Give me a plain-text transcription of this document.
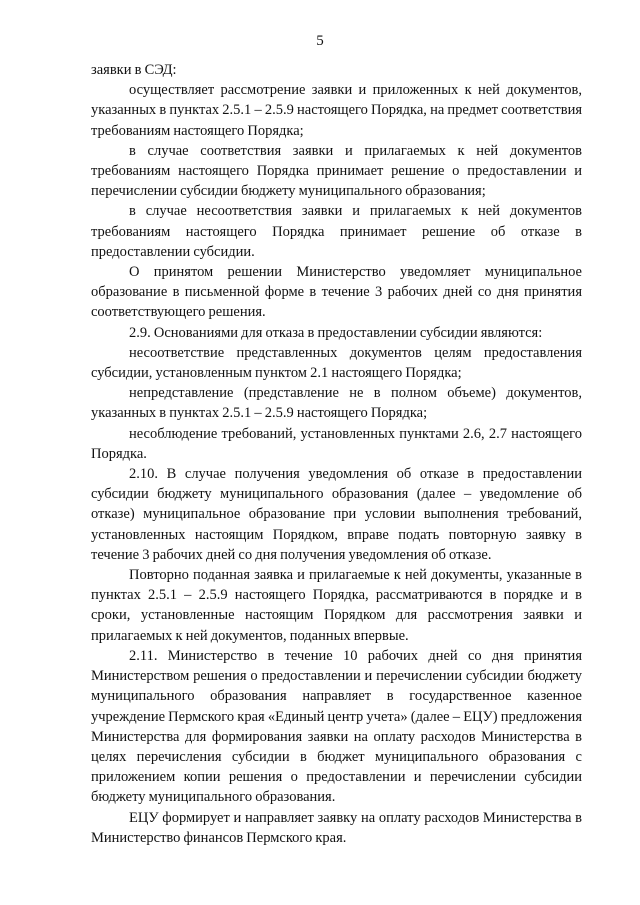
5

заявки в СЭД:

осуществляет рассмотрение заявки и приложенных к ней документов, указанных в пунктах 2.5.1 – 2.5.9 настоящего Порядка, на предмет соответствия требованиям настоящего Порядка;

в случае соответствия заявки и прилагаемых к ней документов требованиям настоящего Порядка принимает решение о предоставлении и перечислении субсидии бюджету муниципального образования;

в случае несоответствия заявки и прилагаемых к ней документов требованиям настоящего Порядка принимает решение об отказе в предоставлении субсидии.

О принятом решении Министерство уведомляет муниципальное образование в письменной форме в течение 3 рабочих дней со дня принятия соответствующего решения.

2.9. Основаниями для отказа в предоставлении субсидии являются:

несоответствие представленных документов целям предоставления субсидии, установленным пунктом 2.1 настоящего Порядка;

непредставление (представление не в полном объеме) документов, указанных в пунктах 2.5.1 – 2.5.9 настоящего Порядка;

несоблюдение требований, установленных пунктами 2.6, 2.7 настоящего Порядка.

2.10. В случае получения уведомления об отказе в предоставлении субсидии бюджету муниципального образования (далее – уведомление об отказе) муниципальное образование при условии выполнения требований, установленных настоящим Порядком, вправе подать повторную заявку в течение 3 рабочих дней со дня получения уведомления об отказе.

Повторно поданная заявка и прилагаемые к ней документы, указанные в пунктах 2.5.1 – 2.5.9 настоящего Порядка, рассматриваются в порядке и в сроки, установленные настоящим Порядком для рассмотрения заявки и прилагаемых к ней документов, поданных впервые.

2.11. Министерство в течение 10 рабочих дней со дня принятия Министерством решения о предоставлении и перечислении субсидии бюджету муниципального образования направляет в государственное казенное учреждение Пермского края «Единый центр учета» (далее – ЕЦУ) предложения Министерства для формирования заявки на оплату расходов Министерства в целях перечисления субсидии в бюджет муниципального образования с приложением копии решения о предоставлении и перечислении субсидии бюджету муниципального образования.

ЕЦУ формирует и направляет заявку на оплату расходов Министерства в Министерство финансов Пермского края.
